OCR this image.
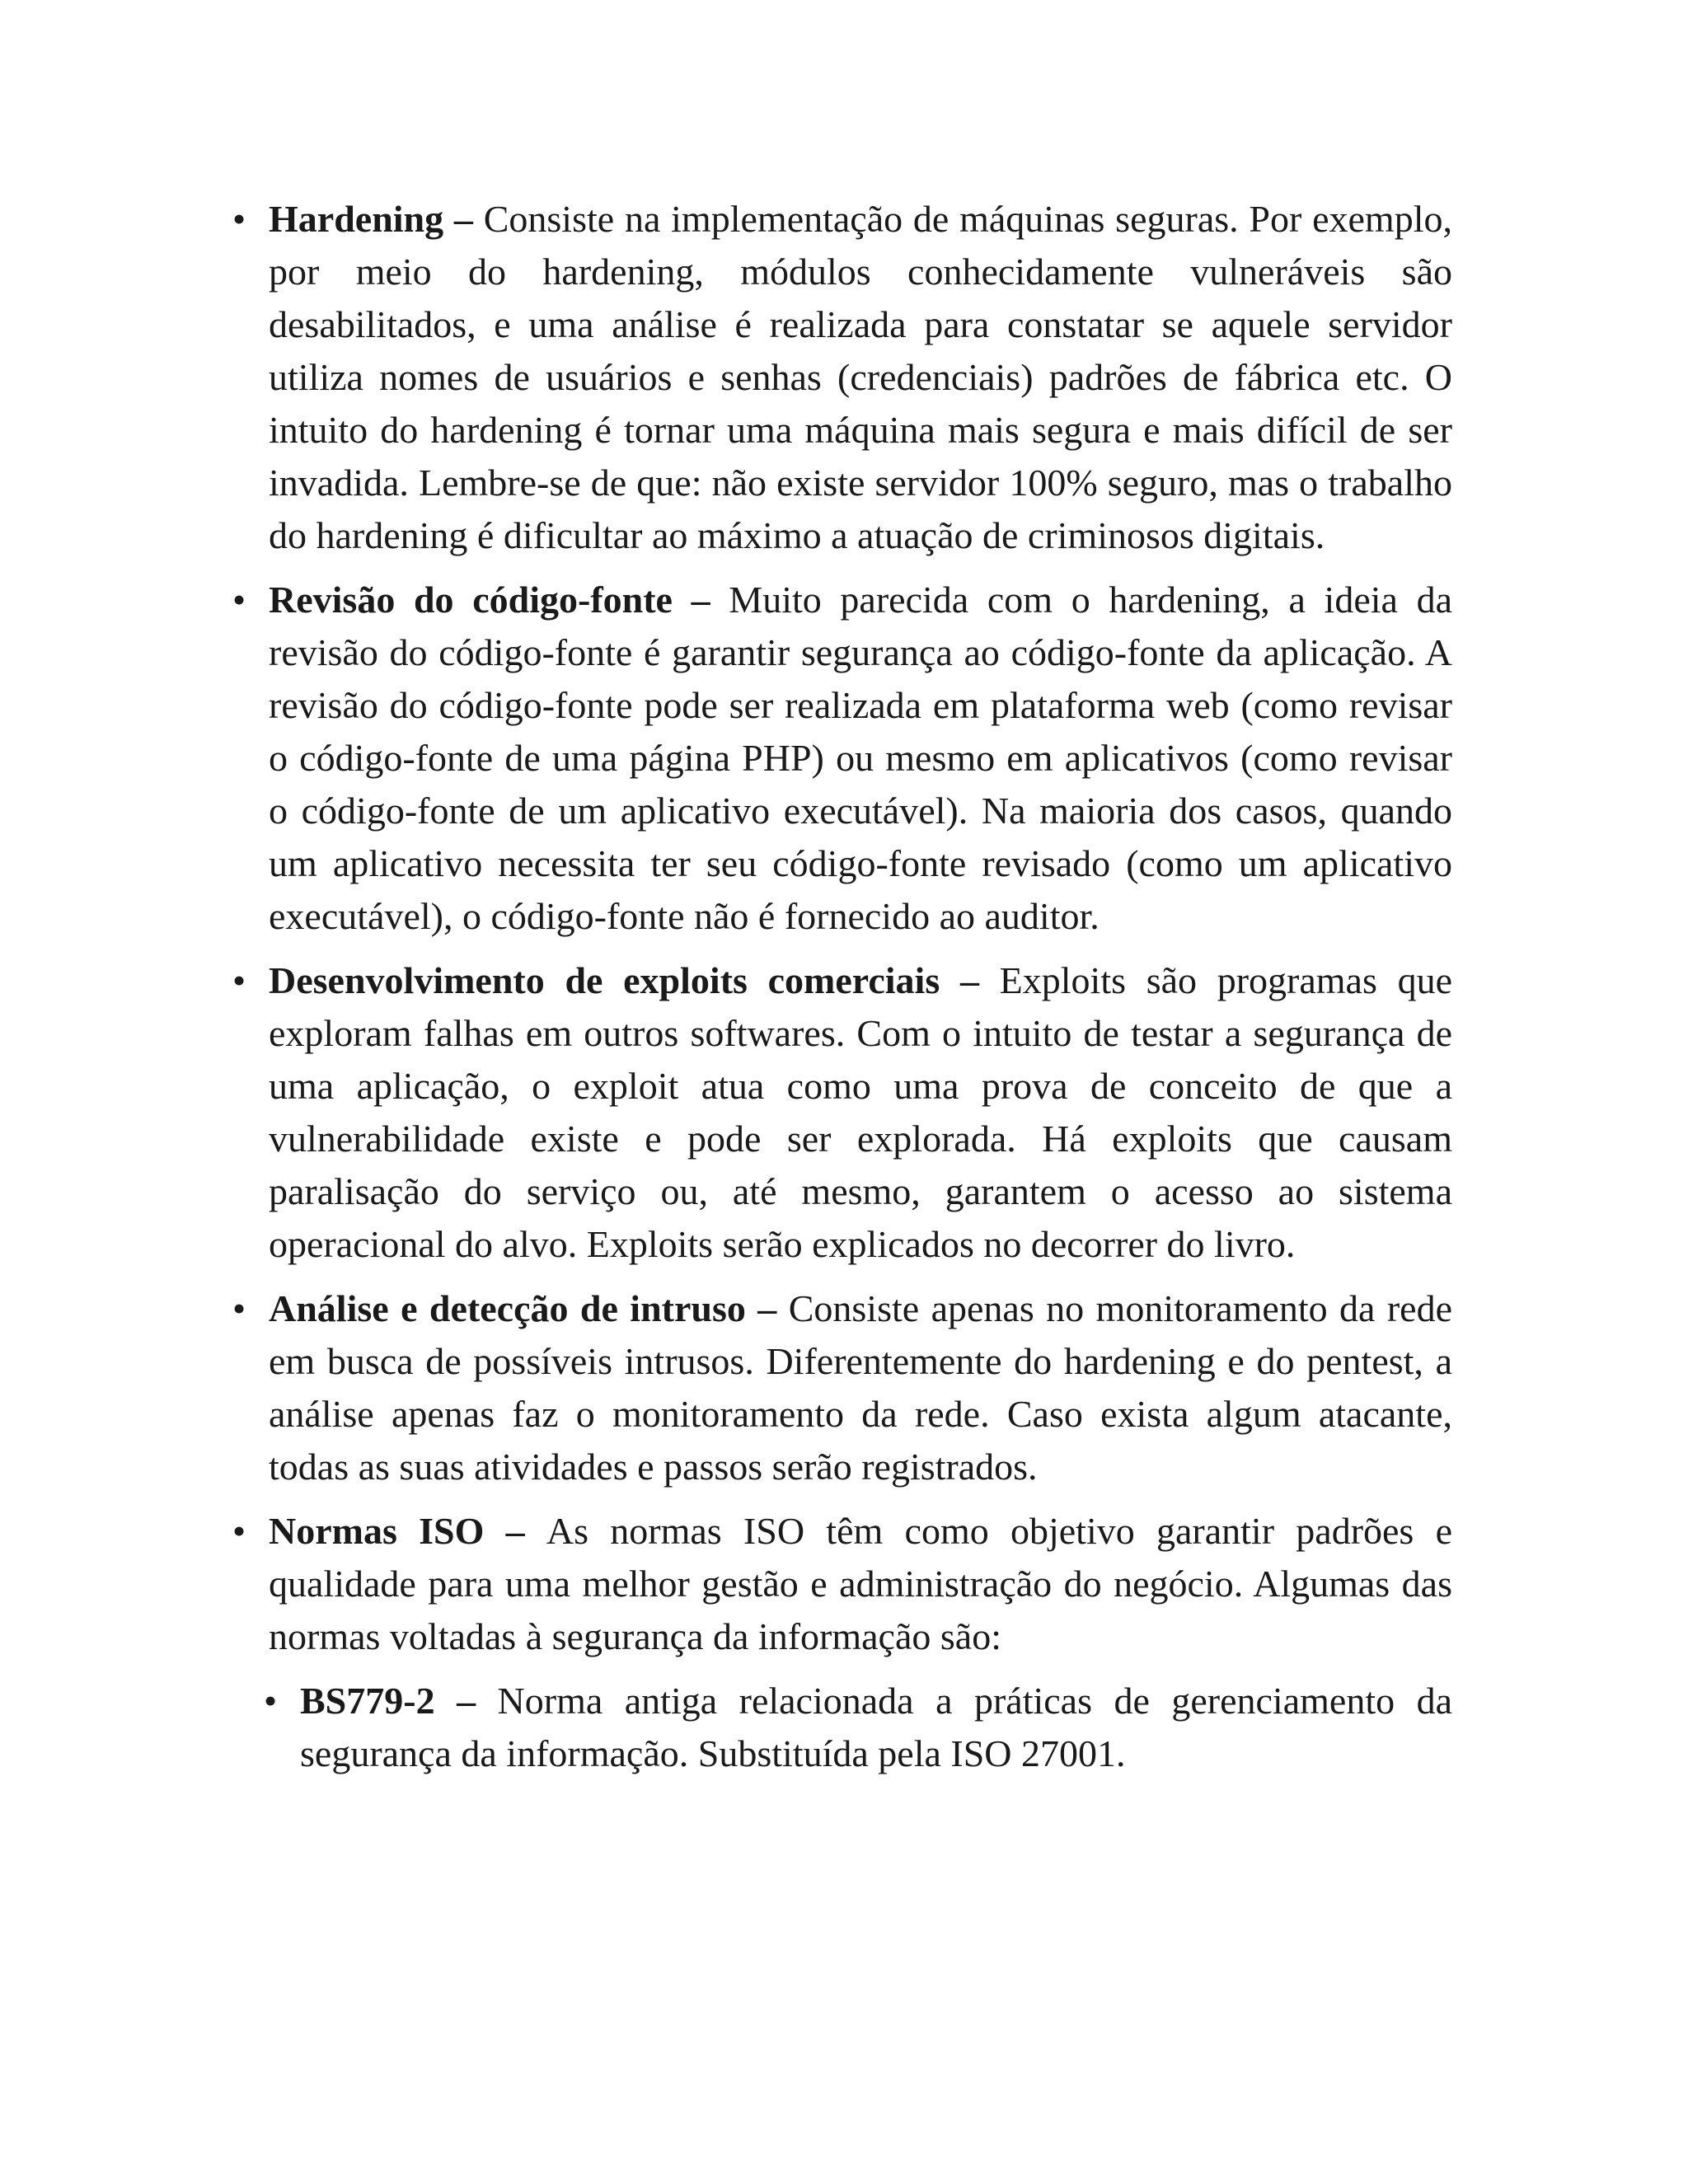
• Hardening – Consiste na implementação de máquinas seguras. Por exemplo, por meio do hardening, módulos conhecidamente vulneráveis são desabilitados, e uma análise é realizada para constatar se aquele servidor utiliza nomes de usuários e senhas (credenciais) padrões de fábrica etc. O intuito do hardening é tornar uma máquina mais segura e mais difícil de ser invadida. Lembre-se de que: não existe servidor 100% seguro, mas o trabalho do hardening é dificultar ao máximo a atuação de criminosos digitais.
• Revisão do código-fonte – Muito parecida com o hardening, a ideia da revisão do código-fonte é garantir segurança ao código-fonte da aplicação. A revisão do código-fonte pode ser realizada em plataforma web (como revisar o código-fonte de uma página PHP) ou mesmo em aplicativos (como revisar o código-fonte de um aplicativo executável). Na maioria dos casos, quando um aplicativo necessita ter seu código-fonte revisado (como um aplicativo executável), o código-fonte não é fornecido ao auditor.
• Desenvolvimento de exploits comerciais – Exploits são programas que exploram falhas em outros softwares. Com o intuito de testar a segurança de uma aplicação, o exploit atua como uma prova de conceito de que a vulnerabilidade existe e pode ser explorada. Há exploits que causam paralisação do serviço ou, até mesmo, garantem o acesso ao sistema operacional do alvo. Exploits serão explicados no decorrer do livro.
• Análise e detecção de intruso – Consiste apenas no monitoramento da rede em busca de possíveis intrusos. Diferentemente do hardening e do pentest, a análise apenas faz o monitoramento da rede. Caso exista algum atacante, todas as suas atividades e passos serão registrados.
• Normas ISO – As normas ISO têm como objetivo garantir padrões e qualidade para uma melhor gestão e administração do negócio. Algumas das normas voltadas à segurança da informação são:
• BS779-2 – Norma antiga relacionada a práticas de gerenciamento da segurança da informação. Substituída pela ISO 27001.
